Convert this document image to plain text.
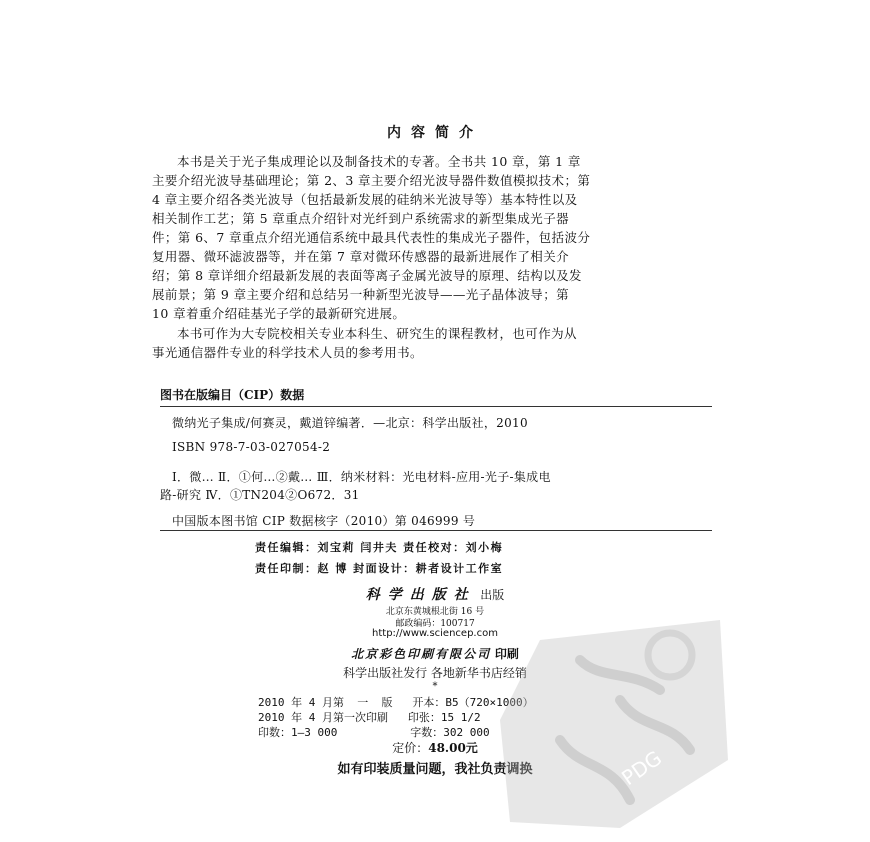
内容简介
本书是关于光子集成理论以及制备技术的专著。全书共 10 章，第 1 章
主要介绍光波导基础理论；第 2、3 章主要介绍光波导器件数值模拟技术；第
4 章主要介绍各类光波导（包括最新发展的硅纳米光波导等）基本特性以及
相关制作工艺；第 5 章重点介绍针对光纤到户系统需求的新型集成光子器
件；第 6、7 章重点介绍光通信系统中最具代表性的集成光子器件，包括波分
复用器、微环滤波器等，并在第 7 章对微环传感器的最新进展作了相关介
绍；第 8 章详细介绍最新发展的表面等离子金属光波导的原理、结构以及发
展前景；第 9 章主要介绍和总结另一种新型光波导——光子晶体波导；第
10 章着重介绍硅基光子学的最新研究进展。
本书可作为大专院校相关专业本科生、研究生的课程教材，也可作为从
事光通信器件专业的科学技术人员的参考用书。
图书在版编目（CIP）数据
微纳光子集成/何赛灵，戴道锌编著．—北京：科学出版社，2010
ISBN 978-7-03-027054-2
Ⅰ．微… Ⅱ．①何…②戴… Ⅲ．纳米材料：光电材料-应用-光子-集成电
路-研究 Ⅳ．①TN204②O672．31
中国版本图书馆 CIP 数据核字（2010）第 046999 号
责任编辑：刘宝莉 闫井夫 责任校对：刘小梅
责任印制：赵 博 封面设计：耕者设计工作室
科学出版社 出版
北京东黄城根北街 16 号
邮政编码：100717
http://www.sciencep.com
北京彩色印刷有限公司 印刷
科学出版社发行 各地新华书店经销
*
2010 年 4 月第  一  版   开本：B5（720×1000）
2010 年 4 月第一次印刷   印张：15 1/2
印数：1—3 000           字数：302 000
定价：48.00元
如有印装质量问题，我社负责调换	PDG
